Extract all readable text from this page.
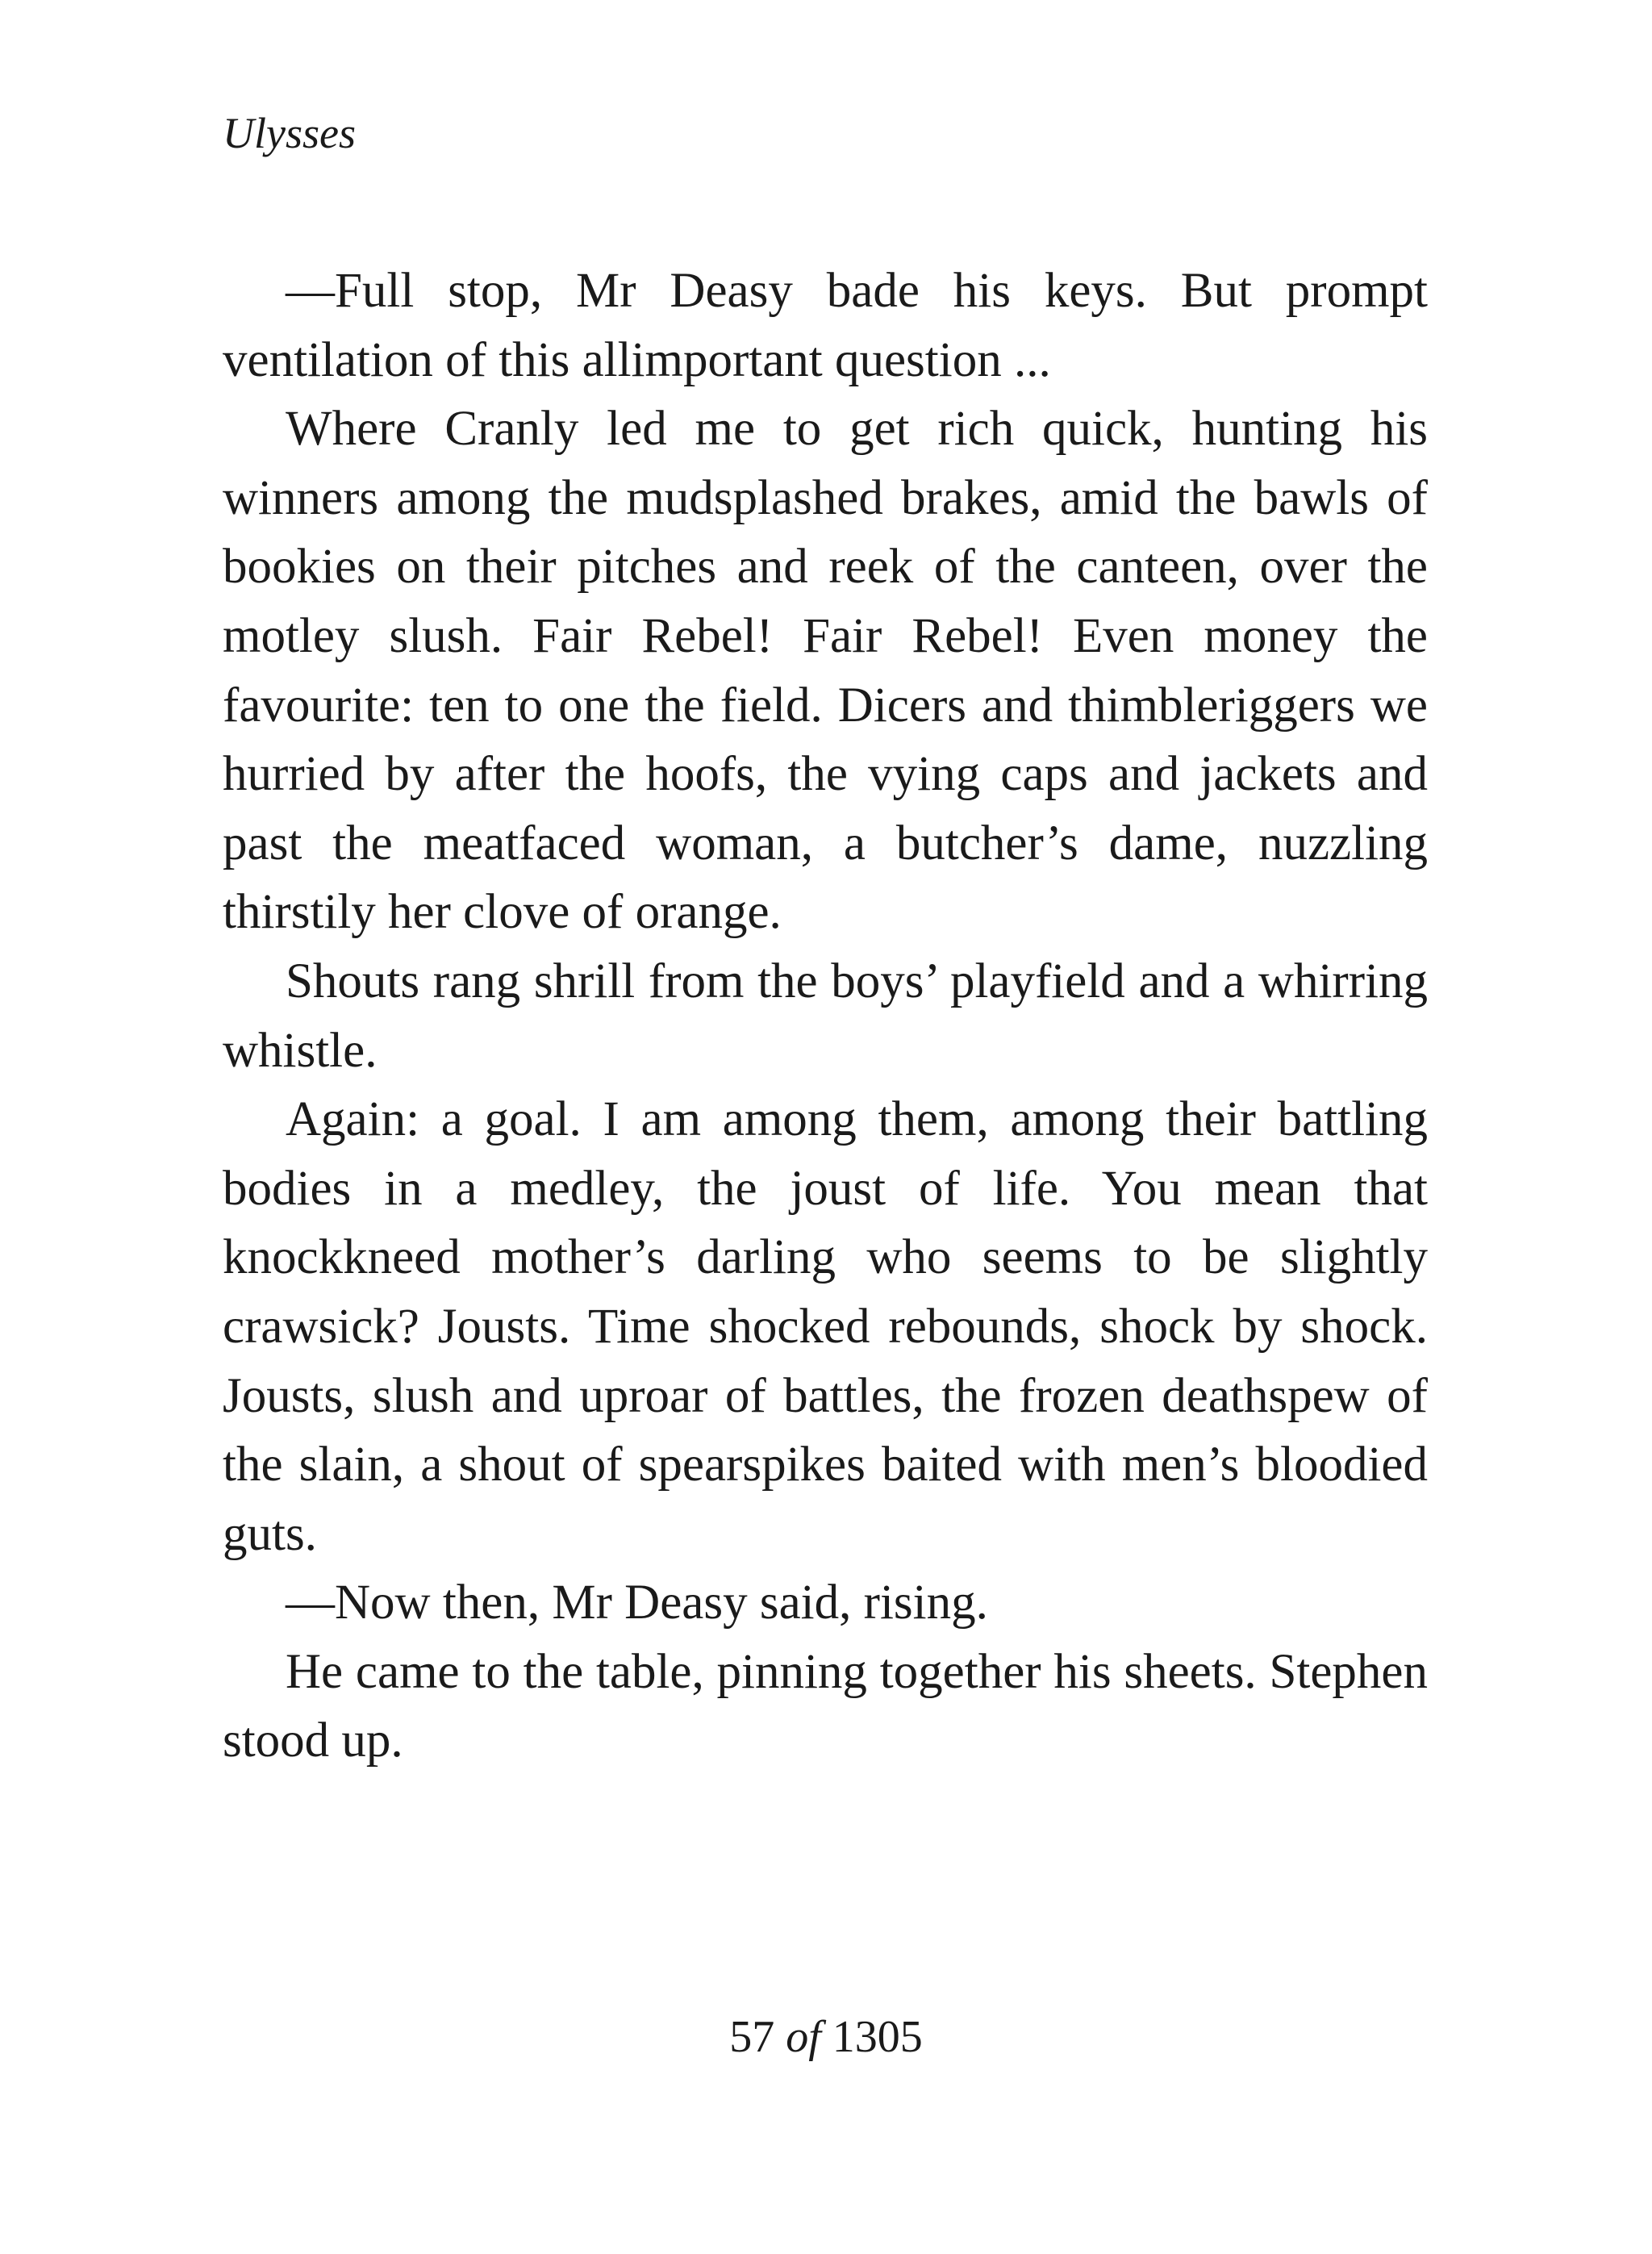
Ulysses

—Full stop, Mr Deasy bade his keys. But prompt ventilation of this allimportant question ...

Where Cranly led me to get rich quick, hunting his winners among the mudsplashed brakes, amid the bawls of bookies on their pitches and reek of the canteen, over the motley slush. Fair Rebel! Fair Rebel! Even money the favourite: ten to one the field. Dicers and thimbleriggers we hurried by after the hoofs, the vying caps and jackets and past the meatfaced woman, a butcher’s dame, nuzzling thirstily her clove of orange.

Shouts rang shrill from the boys’ playfield and a whirring whistle.

Again: a goal. I am among them, among their battling bodies in a medley, the joust of life. You mean that knockkneed mother’s darling who seems to be slightly crawsick? Jousts. Time shocked rebounds, shock by shock. Jousts, slush and uproar of battles, the frozen deathspew of the slain, a shout of spearspikes baited with men’s bloodied guts.

—Now then, Mr Deasy said, rising.

He came to the table, pinning together his sheets. Stephen stood up.

57 of 1305
